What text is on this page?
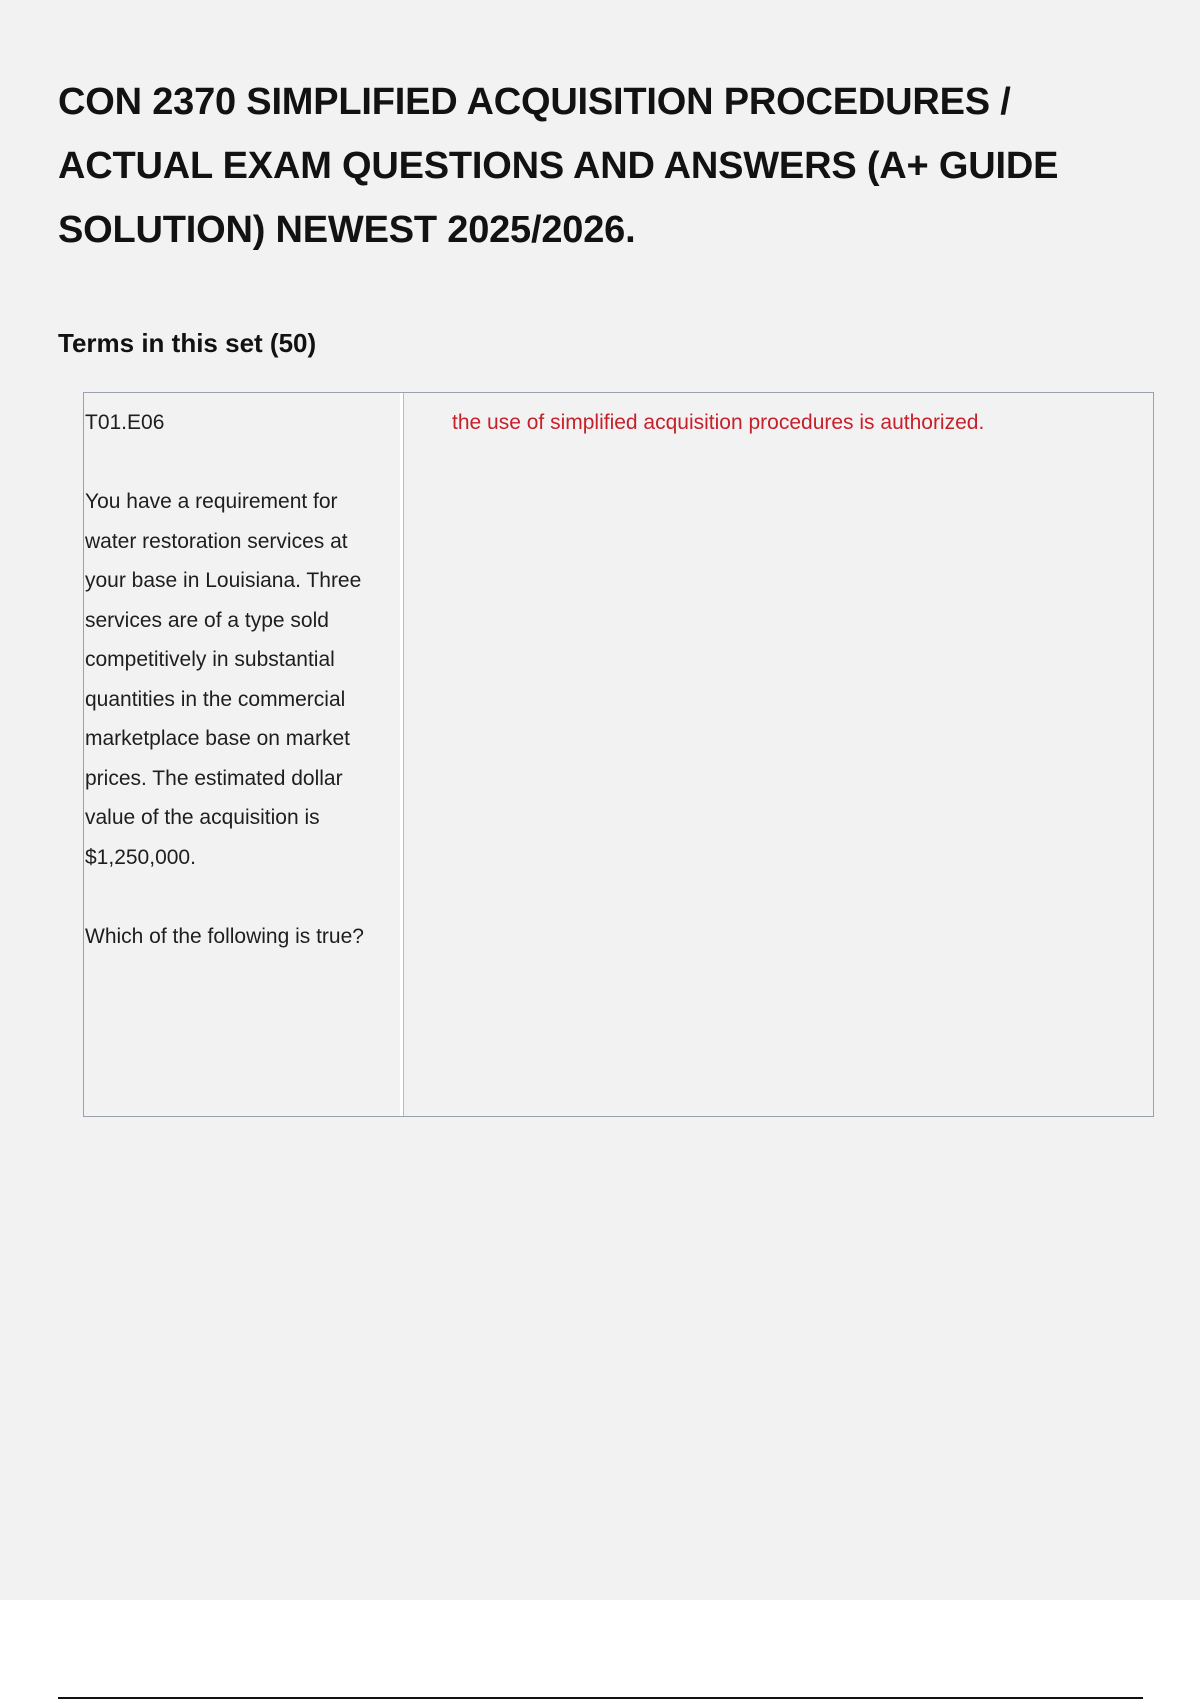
CON 2370 SIMPLIFIED ACQUISITION PROCEDURES / ACTUAL EXAM QUESTIONS AND ANSWERS (A+ GUIDE SOLUTION) NEWEST 2025/2026.
Terms in this set (50)

T01.E06

You have a requirement for water restoration services at your base in Louisiana. Three services are of a type sold competitively in substantial quantities in the commercial marketplace base on market prices. The estimated dollar value of the acquisition is $1,250,000.

Which of the following is true?

the use of simplified acquisition procedures is authorized.
